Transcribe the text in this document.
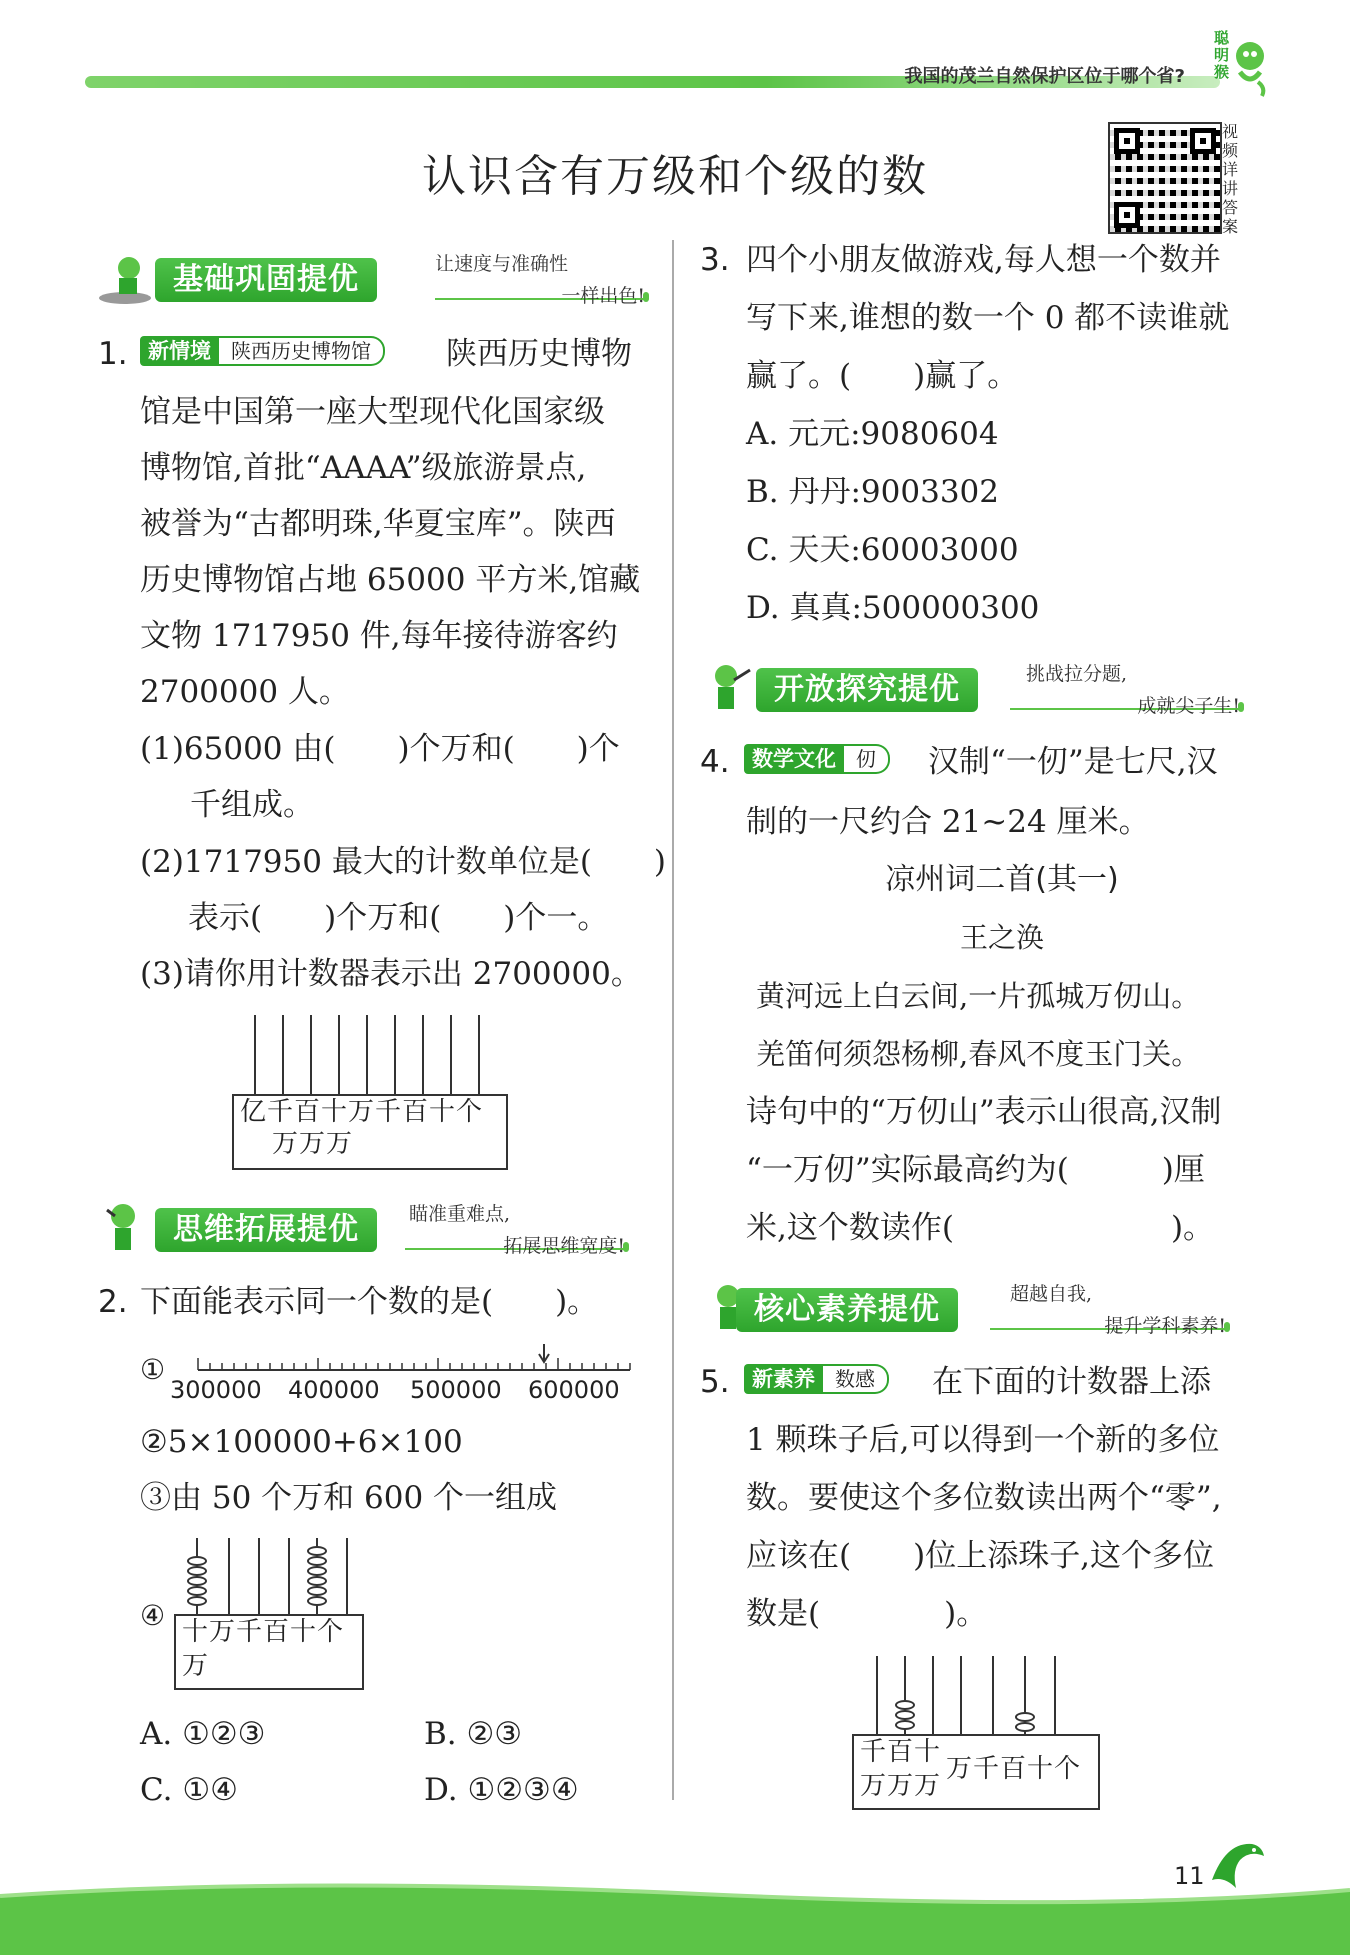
我国的茂兰自然保护区位于哪个省?
聪明猴
认识含有万级和个级的数
视频详讲答案
基础巩固提优	让速度与准确性
一样出色!
1. 新情境 陕西历史博物馆	陕西历史博物
馆是中国第一座大型现代化国家级
博物馆,首批“AAAA”级旅游景点,
被誉为“古都明珠,华夏宝库”。陕西
历史博物馆占地 65000 平方米,馆藏
文物 1717950 件,每年接待游客约
2700000 人。
(1)65000 由(　　)个万和(　　)个
千组成。
(2)1717950 最大的计数单位是(　　)
表示(　　)个万和(　　)个一。
(3)请你用计数器表示出 2700000。
亿千百十万千百十个
万万万
思维拓展提优	瞄准重难点,
拓展思维宽度!
2. 下面能表示同一个数的是(　　)。
①
300000 400000 500000 600000
②5×100000+6×100
③由 50 个万和 600 个一组成
④ 十万千百十个
万
A. ①②③	B. ②③
C. ①④	D. ①②③④
3. 四个小朋友做游戏,每人想一个数并
写下来,谁想的数一个 0 都不读谁就
赢了。(　　)赢了。
A. 元元:9080604
B. 丹丹:9003302
C. 天天:60003000
D. 真真:500000300
开放探究提优	挑战拉分题,
成就尖子生!
4.	数学文化 仞	汉制“一仞”是七尺,汉
制的一尺约合 21~24 厘米。
凉州词二首(其一)
王之涣
黄河远上白云间,一片孤城万仞山。
羌笛何须怨杨柳,春风不度玉门关。
诗句中的“万仞山”表示山很高,汉制
“一万仞”实际最高约为(　　　)厘
米,这个数读作(　　　　　　　)。
核心素养提优	超越自我,
提升学科素养!
5.	新素养 数感	在下面的计数器上添
1 颗珠子后,可以得到一个新的多位
数。要使这个多位数读出两个“零”,
应该在(　　)位上添珠子,这个多位
数是(　　　　)。
千百十
万万万
万千百十个
11
